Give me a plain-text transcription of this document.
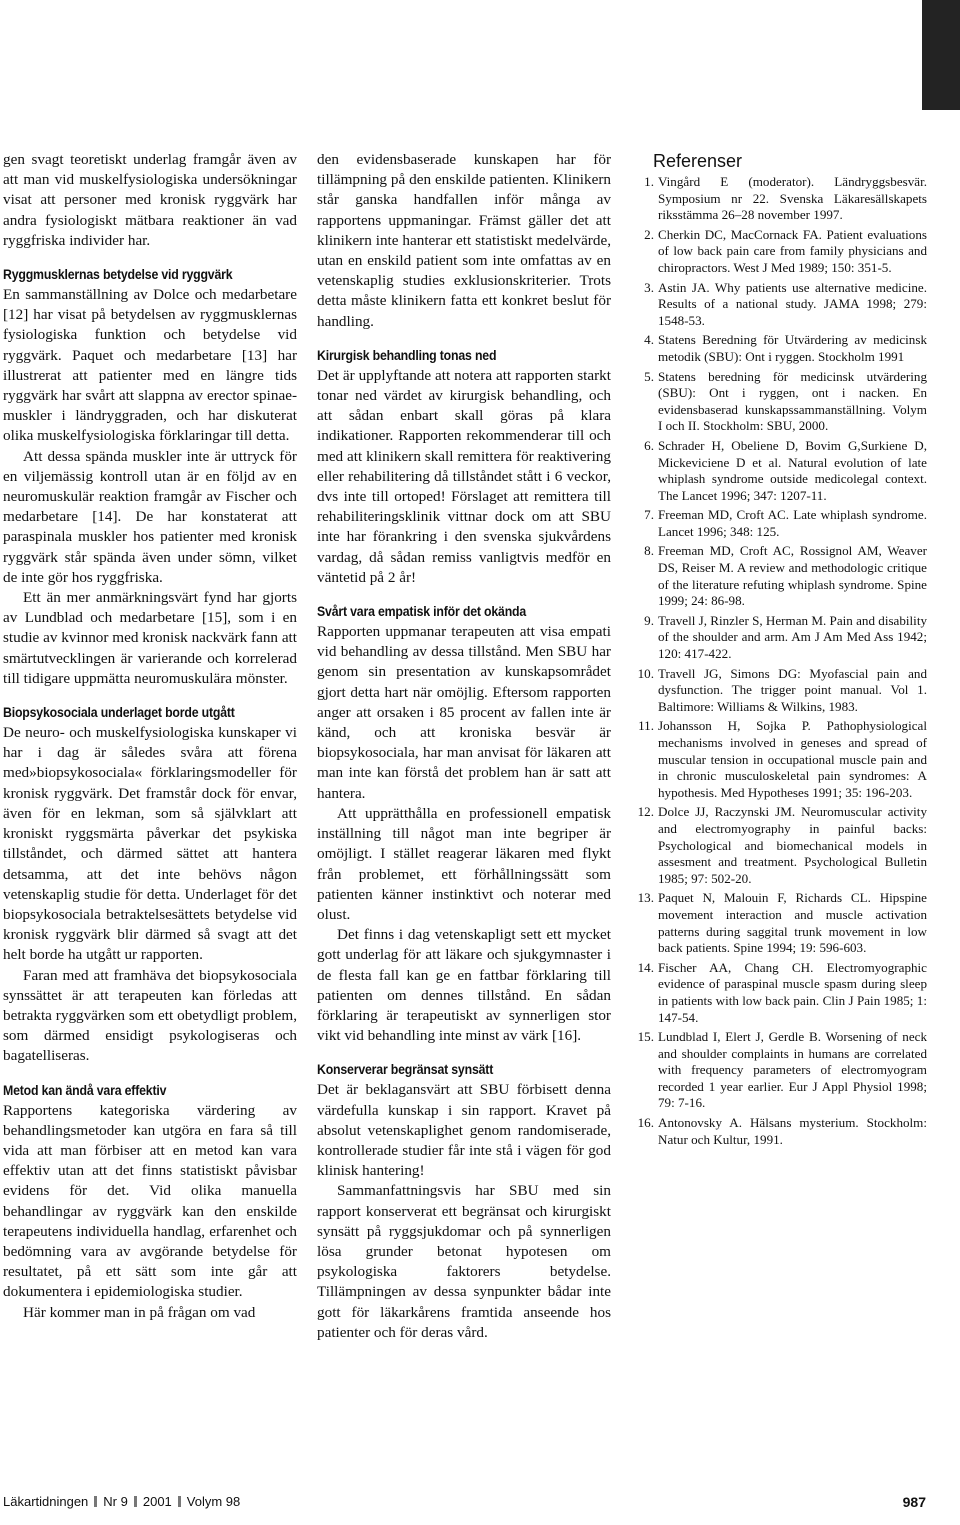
gen svagt teoretiskt underlag framgår även av att man vid muskelfysiologiska undersökningar visat att personer med kronisk ryggvärk har andra fysiologiskt mätbara reaktioner än vad ryggfriska individer har.

Ryggmusklernas betydelse vid ryggvärk

En sammanställning av Dolce och medarbetare [12] har visat på betydelsen av ryggmusklernas fysiologiska funktion och betydelse vid ryggvärk. Paquet och medarbetare [13] har illustrerat att patienter med en längre tids ryggvärk har svårt att slappna av erector spinae-muskler i ländryggraden, och har diskuterat olika muskelfysiologiska förklaringar till detta.

Att dessa spända muskler inte är uttryck för en viljemässig kontroll utan är en följd av en neuromuskulär reaktion framgår av Fischer och medarbetare [14]. De har konstaterat att paraspinala muskler hos patienter med kronisk ryggvärk står spända även under sömn, vilket de inte gör hos ryggfriska.

Ett än mer anmärkningsvärt fynd har gjorts av Lundblad och medarbetare [15], som i en studie av kvinnor med kronisk nackvärk fann att smärtutvecklingen är varierande och korrelerad till tidigare uppmätta neuromuskulära mönster.

Biopsykosociala underlaget borde utgått

De neuro- och muskelfysiologiska kunskaper vi har i dag är således svåra att förena med»biopsykosociala« förklaringsmodeller för kronisk ryggvärk. Det framstår dock för envar, även för en lekman, som så självklart att kroniskt ryggsmärta påverkar det psykiska tillståndet, och därmed sättet att hantera detsamma, att det inte behövs någon vetenskaplig studie för detta. Underlaget för det biopsykosociala betraktelsesättets betydelse vid kronisk ryggvärk blir därmed så svagt att det helt borde ha utgått ur rapporten.

Faran med att framhäva det biopsykosociala synssättet är att terapeuten kan förledas att betrakta ryggvärken som ett obetydligt problem, som därmed ensidigt psykologiseras och bagatelliseras.

Metod kan ändå vara effektiv

Rapportens kategoriska värdering av behandlingsmetoder kan utgöra en fara så till vida att man förbiser att en metod kan vara effektiv utan att det finns statistiskt påvisbar evidens för det. Vid olika manuella behandlingar av ryggvärk kan den enskilde terapeutens individuella handlag, erfarenhet och bedömning vara av avgörande betydelse för resultatet, på ett sätt som inte går att dokumentera i epidemiologiska studier.

Här kommer man in på frågan om vad

den evidensbaserade kunskapen har för tillämpning på den enskilde patienten. Klinikern står ganska handfallen inför många av rapportens uppmaningar. Främst gäller det att klinikern inte hanterar ett statistiskt medelvärde, utan en enskild patient som inte omfattas av en vetenskaplig studies exklusionskriterier. Trots detta måste klinikern fatta ett konkret beslut för handling.

Kirurgisk behandling tonas ned

Det är upplyftande att notera att rapporten starkt tonar ned värdet av kirurgisk behandling, och att sådan enbart skall göras på klara indikationer. Rapporten rekommenderar till och med att klinikern skall remittera för reaktivering eller rehabilitering då tillståndet stått i 6 veckor, dvs inte till ortoped! Förslaget att remittera till rehabiliteringsklinik vittnar dock om att SBU inte har förankring i den svenska sjukvårdens vardag, då sådan remiss vanligtvis medför en väntetid på 2 år!

Svårt vara empatisk inför det okända

Rapporten uppmanar terapeuten att visa empati vid behandling av dessa tillstånd. Men SBU har genom sin presentation av kunskapsområdet gjort detta hart när omöjlig. Eftersom rapporten anger att orsaken i 85 procent av fallen inte är känd, och att kroniska besvär är biopsykosociala, har man anvisat för läkaren att man inte kan förstå det problem han är satt att hantera.

Att upprätthålla en professionell empatisk inställning till något man inte begriper är omöjligt. I stället reagerar läkaren med flykt från problemet, ett förhållningssätt som patienten känner instinktivt och noterar med olust.

Det finns i dag vetenskapligt sett ett mycket gott underlag för att läkare och sjukgymnaster i de flesta fall kan ge en fattbar förklaring till patienten om dennes tillstånd. En sådan förklaring är terapeutiskt av synnerligen stor vikt vid behandling inte minst av värk [16].

Konserverar begränsat synsätt

Det är beklagansvärt att SBU förbisett denna värdefulla kunskap i sin rapport. Kravet på absolut vetenskaplighet genom randomiserade, kontrollerade studier får inte stå i vägen för god klinisk hantering!

Sammanfattningsvis har SBU med sin rapport konserverat ett begränsat och kirurgiskt synsätt på ryggsjukdomar och på synnerligen lösa grunder betonat hypotesen om psykologiska faktorers betydelse. Tillämpningen av dessa synpunkter bådar inte gott för läkarkårens framtida anseende hos patienter och för deras vård.

Referenser
1. Vingård E (moderator). Ländryggsbesvär. Symposium nr 22. Svenska Läkaresällskapets riksstämma 26–28 november 1997.
2. Cherkin DC, MacCornack FA. Patient evaluations of low back pain care from family physicians and chiropractors. West J Med 1989; 150: 351-5.
3. Astin JA. Why patients use alternative medicine. Results of a national study. JAMA 1998; 279: 1548-53.
4. Statens Beredning för Utvärdering av medicinsk metodik (SBU): Ont i ryggen. Stockholm 1991
5. Statens beredning för medicinsk utvärdering (SBU): Ont i ryggen, ont i nacken. En evidensbaserad kunskapssammanställning. Volym I och II. Stockholm: SBU, 2000.
6. Schrader H, Obeliene D, Bovim G,Surkiene D, Mickeviciene D et al. Natural evolution of late whiplash syndrome outside medicolegal context. The Lancet 1996; 347: 1207-11.
7. Freeman MD, Croft AC. Late whiplash syndrome. Lancet 1996; 348: 125.
8. Freeman MD, Croft AC, Rossignol AM, Weaver DS, Reiser M. A review and methodologic critique of the literature refuting whiplash syndrome. Spine 1999; 24: 86-98.
9. Travell J, Rinzler S, Herman M. Pain and disability of the shoulder and arm. Am J Am Med Ass 1942; 120: 417-422.
10. Travell JG, Simons DG: Myofascial pain and dysfunction. The trigger point manual. Vol 1. Baltimore: Williams & Wilkins, 1983.
11. Johansson H, Sojka P. Pathophysiological mechanisms involved in geneses and spread of muscular tension in occupational muscle pain and in chronic musculoskeletal pain syndromes: A hypothesis. Med Hypotheses 1991; 35: 196-203.
12. Dolce JJ, Raczynski JM. Neuromuscular activity and electromyography in painful backs: Psychological and biomechanical models in assesment and treatment. Psychological Bulletin 1985; 97: 502-20.
13. Paquet N, Malouin F, Richards CL. Hipspine movement interaction and muscle activation patterns during saggital trunk movement in low back patients. Spine 1994; 19: 596-603.
14. Fischer AA, Chang CH. Electromyographic evidence of paraspinal muscle spasm during sleep in patients with low back pain. Clin J Pain 1985; 1: 147-54.
15. Lundblad I, Elert J, Gerdle B. Worsening of neck and shoulder complaints in humans are correlated with frequency parameters of electromyogram recorded 1 year earlier. Eur J Appl Physiol 1998; 79: 7-16.
16. Antonovsky A. Hälsans mysterium. Stockholm: Natur och Kultur, 1991.
Läkartidningen Nr 9 2001 Volym 98	987
